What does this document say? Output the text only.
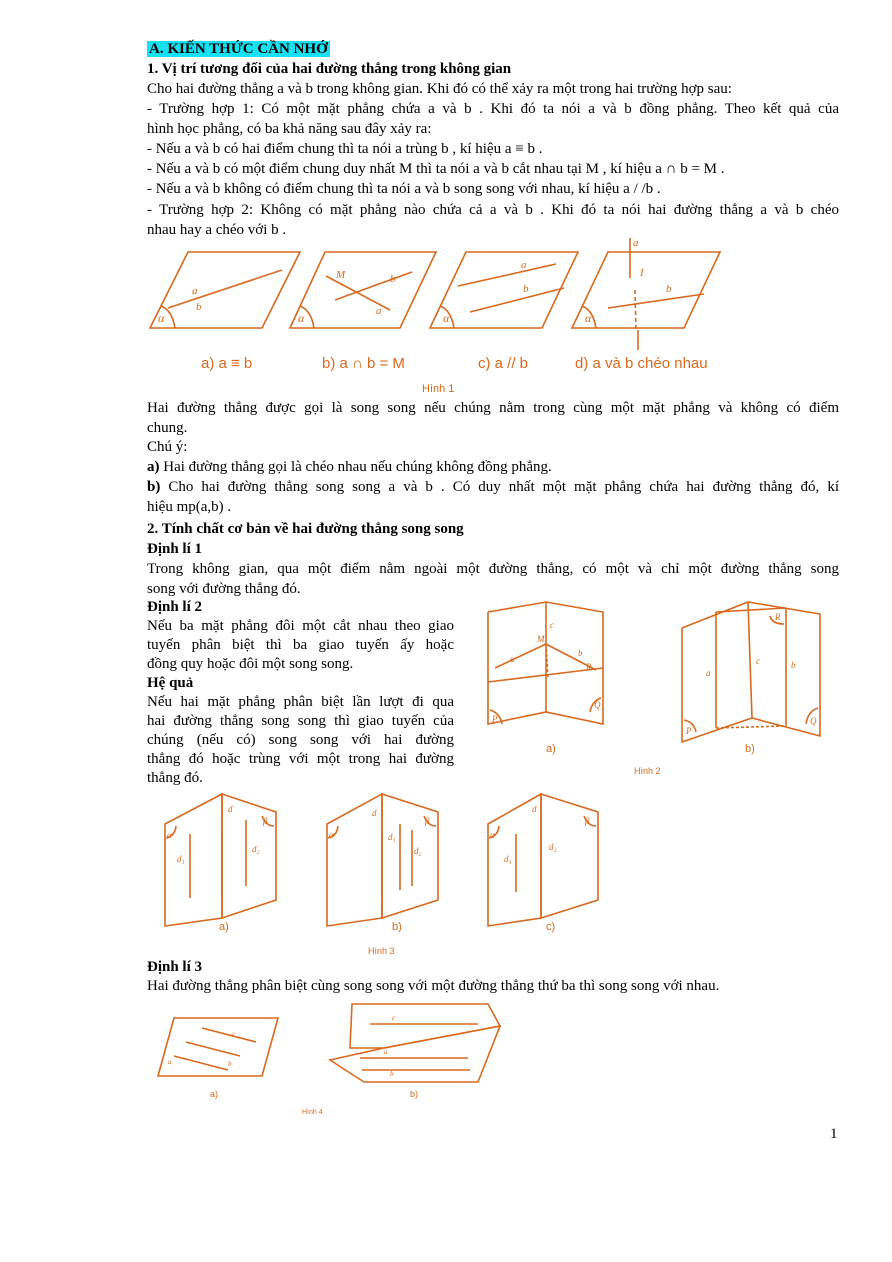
A. KIẾN THỨC CẦN NHỚ
1. Vị trí tương đối của hai đường thẳng trong không gian
Cho hai đường thẳng a và b trong không gian. Khi đó có thể xảy ra một trong hai trường hợp sau:
- Trường hợp 1: Có một mặt phẳng chứa a và b . Khi đó ta nói a và b đồng phẳng. Theo kết quả của
hình học phẳng, có ba khả năng sau đây xảy ra:
- Nếu a và b có hai điểm chung thì ta nói a trùng b , kí hiệu a ≡ b .
- Nếu a và b có một điểm chung duy nhất M thì ta nói a và b cắt nhau tại M , kí hiệu a ∩ b = M .
- Nếu a và b không có điểm chung thì ta nói a và b song song với nhau, kí hiệu a / /b .
- Trường hợp 2: Không có mặt phẳng nào chứa cả a và b . Khi đó ta nói hai đường thẳng a và b chéo
nhau hay a chéo với b .
a
b
α
M	b
a
α
a
b
α
a
I
b
α
a) a ≡ b	b) a ∩ b = M	c) a // b	d) a và b chéo nhau
Hình 1
Hai đường thẳng được gọi là song song nếu chúng nằm trong cùng một mặt phẳng và không có điểm
chung.
Chú ý:
a) Hai đường thẳng gọi là chéo nhau nếu chúng không đồng phẳng.
b) Cho hai đường thẳng song song a và b . Có duy nhất một mặt phẳng chứa hai đường thẳng đó, kí
hiệu mp(a,b) .
2. Tính chất cơ bản về hai đường thẳng song song
Định lí 1
Trong không gian, qua một điểm nằm ngoài một đường thẳng, có một và chỉ một đường thẳng song
song với đường thẳng đó.
Định lí 2
Nếu ba mặt phẳng đôi một cắt nhau theo giao
tuyến phân biệt thì ba giao tuyến ấy hoặc
đồng quy hoặc đôi một song song.
Hệ quả
Nếu hai mặt phẳng phân biệt lần lượt đi qua
hai đường thẳng song song thì giao tuyến của
chúng (nếu có) song song với hai đường
thẳng đó hoặc trùng với một trong hai đường
thẳng đó.
c
M
a
b
R
P
Q
a)
a
c	b
R
P
Q
b)
Hình 2
α
β
d
d₁
d₂
a)
α
β
d
d₁
d₂
b)
α
β
d
d₁
d₂
c)
Hình 3
Định lí 3
Hai đường thẳng phân biệt cùng song song với một đường thẳng thứ ba thì song song với nhau.
c
b
a
a)
c
a
b
b)
Hình 4
1
